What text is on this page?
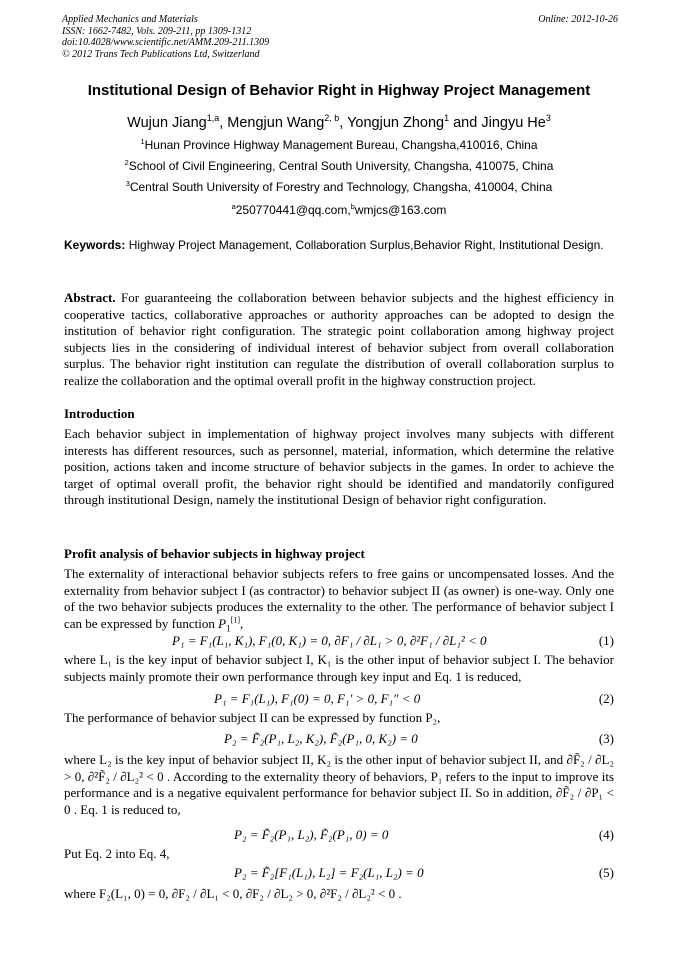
Applied Mechanics and Materials
ISSN: 1662-7482, Vols. 209-211, pp 1309-1312
doi:10.4028/www.scientific.net/AMM.209-211.1309
© 2012 Trans Tech Publications Ltd, Switzerland
Online: 2012-10-26
Institutional Design of Behavior Right in Highway Project Management
Wujun Jiang$^{1,a}$, Mengjun Wang$^{2, b}$, Yongjun Zhong$^1$ and Jingyu He$^3$
$^1$Hunan Province Highway Management Bureau, Changsha,410016, China
$^2$School of Civil Engineering, Central South University, Changsha, 410075, China
$^3$Central South University of Forestry and Technology, Changsha, 410004, China
$^a$250770441@qq.com,$^b$wmjcs@163.com
Keywords: Highway Project Management, Collaboration Surplus,Behavior Right, Institutional Design.
Abstract. For guaranteeing the collaboration between behavior subjects and the highest efficiency in cooperative tactics, collaborative approaches or authority approaches can be adopted to design the institution of behavior right configuration. The strategic point collaboration among highway project subjects lies in the considering of individual interest of behavior subject from overall collaboration surplus. The behavior right institution can regulate the distribution of overall collaboration surplus to realize the collaboration and the optimal overall profit in the highway construction project.
Introduction
Each behavior subject in implementation of highway project involves many subjects with different interests has different resources, such as personnel, material, information, which determine the relative position, actions taken and income structure of behavior subjects in the games. In order to achieve the target of optimal overall profit, the behavior right should be identified and mandatorily configured through institutional Design, namely the institutional Design of behavior right configuration.
Profit analysis of behavior subjects in highway project
The externality of interactional behavior subjects refers to free gains or uncompensated losses. And the externality from behavior subject I (as contractor) to behavior subject II (as owner) is one-way. Only one of the two behavior subjects produces the externality to the other. The performance of behavior subject I can be expressed by function $P_1[1]$,
P₁ = F₁(L₁, K₁), F₁(0, K₁) = 0, ∂F₁ / ∂L₁ > 0, ∂²F₁ / ∂L₁² < 0	(1)
where L₁ is the key input of behavior subject I, K₁ is the other input of behavior subject I. The behavior subjects mainly promote their own performance through key input and Eq. 1 is reduced,
P₁ = F₁(L₁), F₁(0) = 0, F₁′ > 0, F₁″ < 0	(2)
The performance of behavior subject II can be expressed by function P₂,
P₂ = F̃₂(P₁, L₂, K₂), F̃₂(P₁, 0, K₂) = 0	(3)
where L₂ is the key input of behavior subject II, K₂ is the other input of behavior subject II, and ∂F̃₂ / ∂L₂ > 0, ∂²F̃₂ / ∂L₂² < 0 . According to the externality theory of behaviors, P₁ refers to the input to improve its performance and is a negative equivalent performance for behavior subject II. So in addition, ∂F̃₂ / ∂P₁ < 0 . Eq. 1 is reduced to,
P₂ = F̃₂(P₁, L₂), F̃₂(P₁, 0) = 0	(4)
Put Eq. 2 into Eq. 4,
P₂ = F̃₂[F₁(L₁), L₂] = F₂(L₁, L₂) = 0	(5)
where F₂(L₁, 0) = 0, ∂F₂ / ∂L₁ < 0, ∂F₂ / ∂L₂ > 0, ∂²F₂ / ∂L₂² < 0 .
